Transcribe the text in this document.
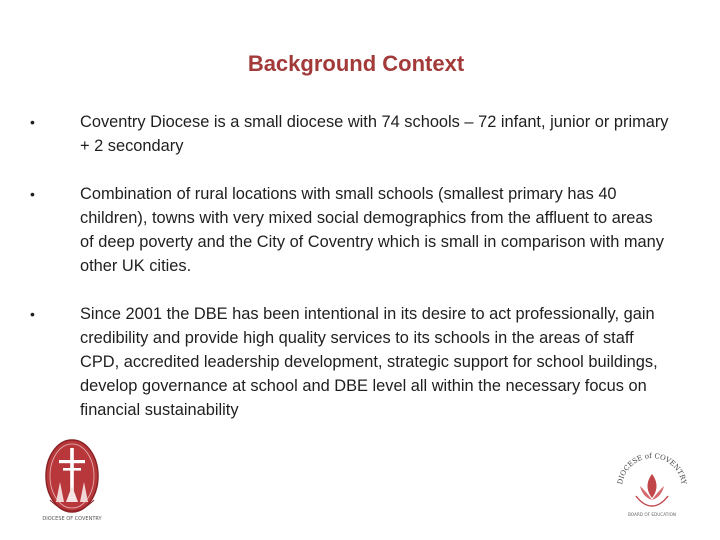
Background Context
•	Coventry Diocese is a small diocese with 74 schools – 72 infant, junior or primary + 2 secondary
•	Combination of rural locations with small schools (smallest primary has 40 children), towns with very mixed social demographics from the affluent to areas of deep poverty and the City of Coventry which is small in comparison with many other UK cities.
•	Since 2001 the DBE has been intentional in its desire to act professionally, gain credibility and provide high quality services to its schools in the areas of staff CPD, accredited leadership development, strategic support for school buildings, develop governance at school and DBE level all within the necessary focus on financial sustainability
DIOCESE OF COVENTRY
DIOCESE of COVENTRY
BOARD OF EDUCATION
